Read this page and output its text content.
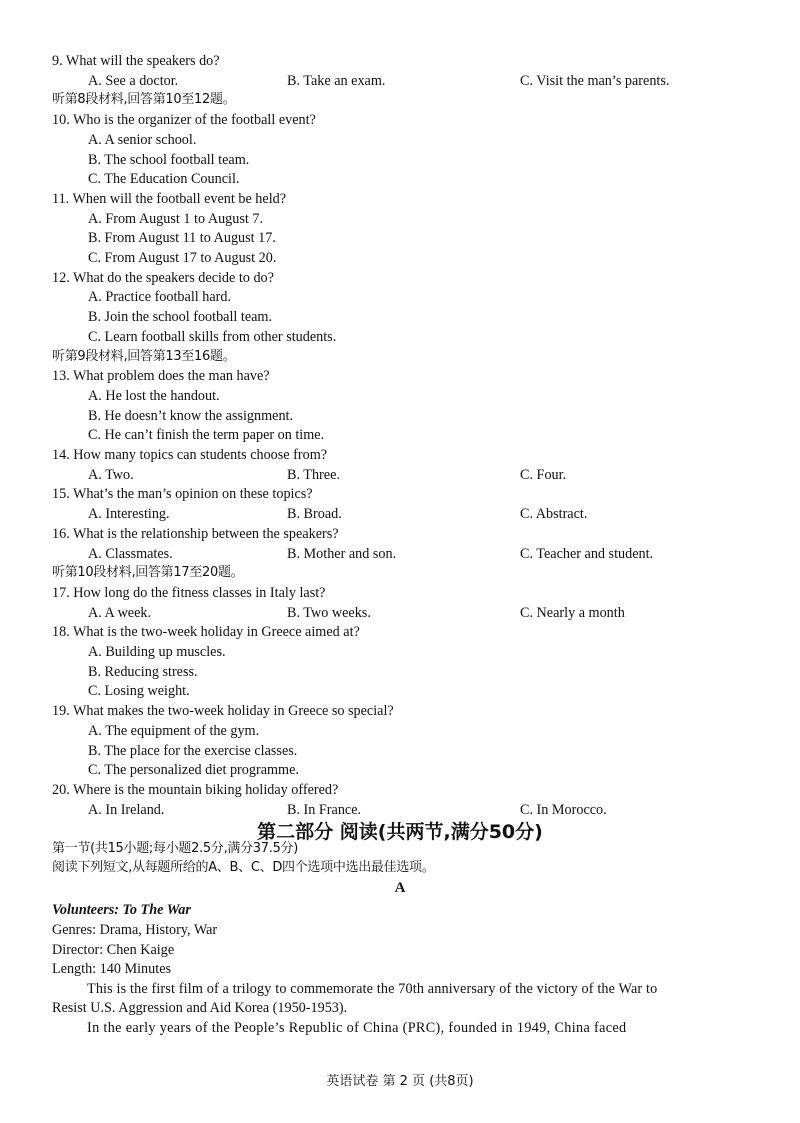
9. What will the speakers do?
A. See a doctor.	B. Take an exam.	C. Visit the man’s parents.
听第8段材料,回答第10至12题。
10. Who is the organizer of the football event?
A. A senior school.
B. The school football team.
C. The Education Council.
11. When will the football event be held?
A. From August 1 to August 7.
B. From August 11 to August 17.
C. From August 17 to August 20.
12. What do the speakers decide to do?
A. Practice football hard.
B. Join the school football team.
C. Learn football skills from other students.
听第9段材料,回答第13至16题。
13. What problem does the man have?
A. He lost the handout.
B. He doesn’t know the assignment.
C. He can’t finish the term paper on time.
14. How many topics can students choose from?
A. Two.	B. Three.	C. Four.
15. What’s the man’s opinion on these topics?
A. Interesting.	B. Broad.	C. Abstract.
16. What is the relationship between the speakers?
A. Classmates.	B. Mother and son.	C. Teacher and student.
听第10段材料,回答第17至20题。
17. How long do the fitness classes in Italy last?
A. A week.	B. Two weeks.	C. Nearly a month
18. What is the two-week holiday in Greece aimed at?
A. Building up muscles.
B. Reducing stress.
C. Losing weight.
19. What makes the two-week holiday in Greece so special?
A. The equipment of the gym.
B. The place for the exercise classes.
C. The personalized diet programme.
20. Where is the mountain biking holiday offered?
A. In Ireland.	B. In France.	C. In Morocco.
第二部分 阅读(共两节,满分50分)
第一节(共15小题;每小题2.5分,满分37.5分)
阅读下列短文,从每题所给的A、B、C、D四个选项中选出最佳选项。
A
Volunteers: To The War
Genres: Drama, History, War
Director: Chen Kaige
Length: 140 Minutes
This is the first film of a trilogy to commemorate the 70th anniversary of the victory of the War to
Resist U.S. Aggression and Aid Korea (1950-1953).
In the early years of the People’s Republic of China (PRC), founded in 1949, China faced
英语试卷 第 2 页 (共8页)
